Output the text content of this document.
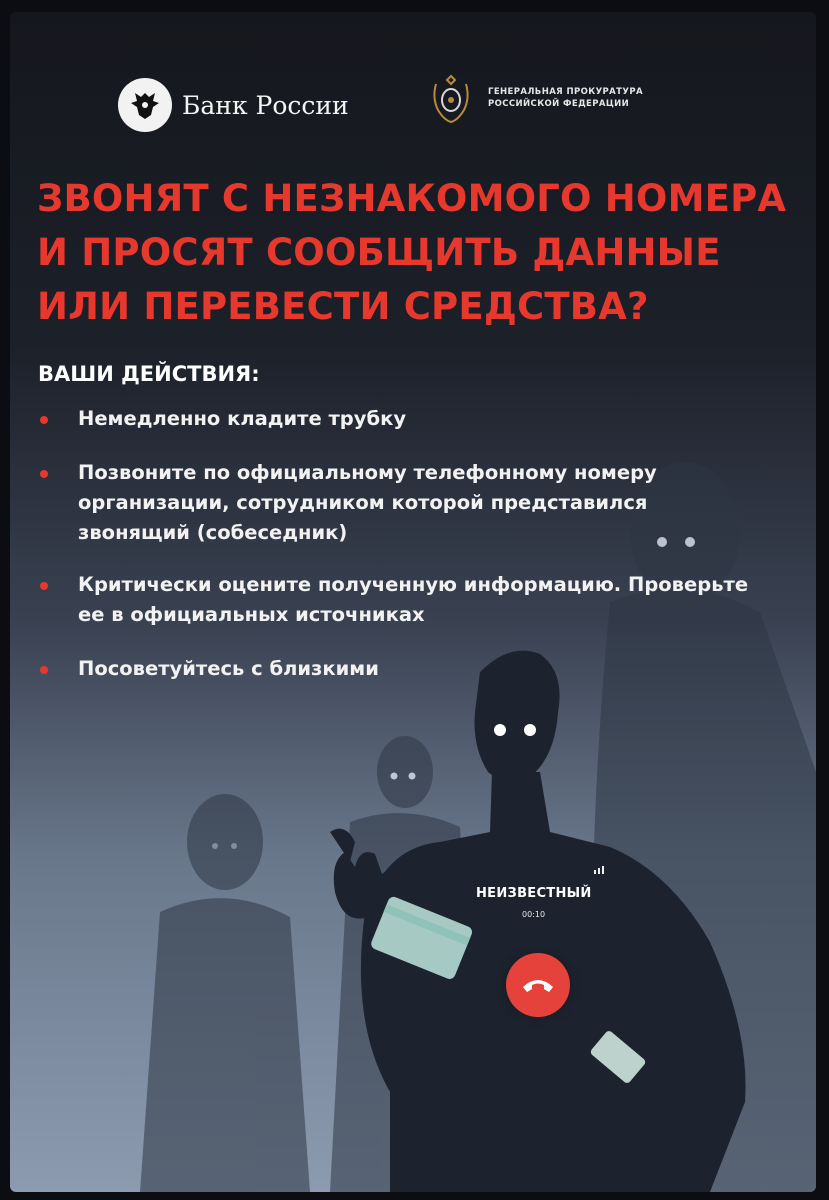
Банк России	ГЕНЕРАЛЬНАЯ ПРОКУРАТУРА
РОССИЙСКОЙ ФЕДЕРАЦИИ
ЗВОНЯТ С НЕЗНАКОМОГО НОМЕРА
И ПРОСЯТ СООБЩИТЬ ДАННЫЕ
ИЛИ ПЕРЕВЕСТИ СРЕДСТВА?
ВАШИ ДЕЙСТВИЯ:
Немедленно кладите трубку
Позвоните по официальному телефонному номеру организации, сотрудником которой представился звонящий (собеседник)
Критически оцените полученную информацию. Проверьте ее в официальных источниках
Посоветуйтесь с близкими
НЕИЗВЕСТНЫЙ
00:10
